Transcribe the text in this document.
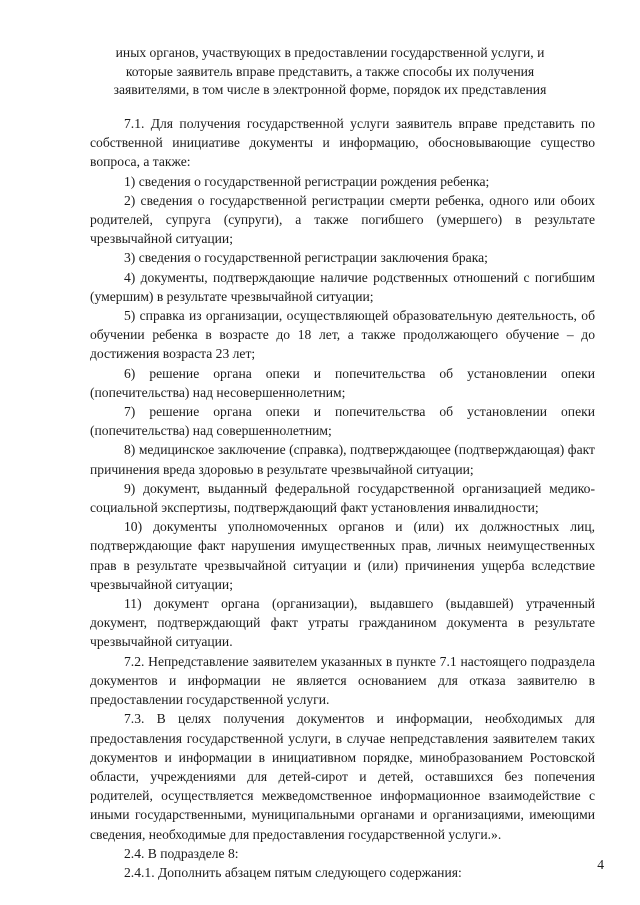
иных органов, участвующих в предоставлении государственной услуги, и
которые заявитель вправе представить, а также способы их получения
заявителями, в том числе в электронной форме, порядок их представления

7.1. Для получения государственной услуги заявитель вправе представить по собственной инициативе документы и информацию, обосновывающие существо вопроса, а также:

1) сведения о государственной регистрации рождения ребенка;

2) сведения о государственной регистрации смерти ребенка, одного или обоих родителей, супруга (супруги), а также погибшего (умершего) в результате чрезвычайной ситуации;

3) сведения о государственной регистрации заключения брака;

4) документы, подтверждающие наличие родственных отношений с погибшим (умершим) в результате чрезвычайной ситуации;

5) справка из организации, осуществляющей образовательную деятельность, об обучении ребенка в возрасте до 18 лет, а также продолжающего обучение – до достижения возраста 23 лет;

6) решение органа опеки и попечительства об установлении опеки (попечительства) над несовершеннолетним;

7) решение органа опеки и попечительства об установлении опеки (попечительства) над совершеннолетним;

8) медицинское заключение (справка), подтверждающее (подтверждающая) факт причинения вреда здоровью в результате чрезвычайной ситуации;

9) документ, выданный федеральной государственной организацией медико-социальной экспертизы, подтверждающий факт установления инвалидности;

10) документы уполномоченных органов и (или) их должностных лиц, подтверждающие факт нарушения имущественных прав, личных неимущественных прав в результате чрезвычайной ситуации и (или) причинения ущерба вследствие чрезвычайной ситуации;

11) документ органа (организации), выдавшего (выдавшей) утраченный документ, подтверждающий факт утраты гражданином документа в результате чрезвычайной ситуации.

7.2. Непредставление заявителем указанных в пункте 7.1 настоящего подраздела документов и информации не является основанием для отказа заявителю в предоставлении государственной услуги.

7.3. В целях получения документов и информации, необходимых для предоставления государственной услуги, в случае непредставления заявителем таких документов и информации в инициативном порядке, минобразованием Ростовской области, учреждениями для детей-сирот и детей, оставшихся без попечения родителей, осуществляется межведомственное информационное взаимодействие с иными государственными, муниципальными органами и организациями, имеющими сведения, необходимые для предоставления государственной услуги.».

2.4. В подразделе 8:

2.4.1. Дополнить абзацем пятым следующего содержания:

4
